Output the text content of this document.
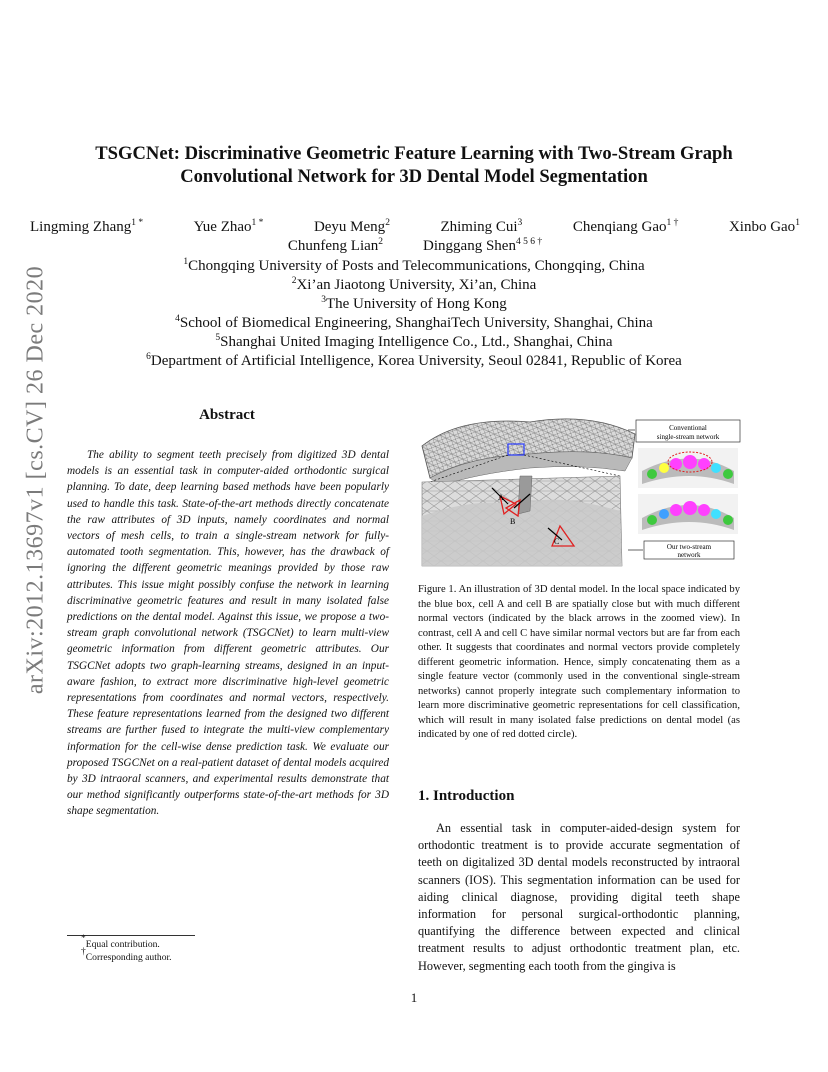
arXiv:2012.13697v1 [cs.CV] 26 Dec 2020
TSGCNet: Discriminative Geometric Feature Learning with Two-Stream Graph
Convolutional Network for 3D Dental Model Segmentation
Lingming Zhang$^{1 *}$	Yue Zhao$^{1 *}$	Deyu Meng$^2$	Zhiming Cui$^3$	Chenqiang Gao$^{1 \dagger}$	Xinbo Gao$^1$
Chunfeng Lian$^2$	Dinggang Shen$^{4 5 6 \dagger}$
$^1$Chongqing University of Posts and Telecommunications, Chongqing, China
$^2$Xi’an Jiaotong University, Xi’an, China
$^3$The University of Hong Kong
$^4$School of Biomedical Engineering, ShanghaiTech University, Shanghai, China
$^5$Shanghai United Imaging Intelligence Co., Ltd., Shanghai, China
$^6$Department of Artificial Intelligence, Korea University, Seoul 02841, Republic of Korea
Abstract

The ability to segment teeth precisely from digitized 3D dental models is an essential task in computer-aided orthodontic surgical planning. To date, deep learning based methods have been popularly used to handle this task. State-of-the-art methods directly concatenate the raw attributes of 3D inputs, namely coordinates and normal vectors of mesh cells, to train a single-stream network for fully-automated tooth segmentation. This, however, has the drawback of ignoring the different geometric meanings provided by those raw attributes. This issue might possibly confuse the network in learning discriminative geometric features and result in many isolated false predictions on the dental model. Against this issue, we propose a two-stream graph convolutional network (TSGCNet) to learn multi-view geometric information from different geometric attributes. Our TSGCNet adopts two graph-learning streams, designed in an input-aware fashion, to extract more discriminative high-level geometric representations from coordinates and normal vectors, respectively. These feature representations learned from the designed two different streams are further fused to integrate the multi-view complementary information for the cell-wise dense prediction task. We evaluate our proposed TSGCNet on a real-patient dataset of dental models acquired by 3D intraoral scanners, and experimental results demonstrate that our method significantly outperforms state-of-the-art methods for 3D shape segmentation.

*Equal contribution.
†Corresponding author.
A
B
C
Conventional
single-stream network
Our two-stream
network
Figure 1. An illustration of 3D dental model. In the local space indicated by the blue box, cell A and cell B are spatially close but with much different normal vectors (indicated by the black arrows in the zoomed view). In contrast, cell A and cell C have similar normal vectors but are far from each other. It suggests that coordinates and normal vectors provide completely different geometric information. Hence, simply concatenating them as a single feature vector (commonly used in the conventional single-stream networks) cannot properly integrate such complementary information to learn more discriminative geometric representations for cell classification, which will result in many isolated false predictions on dental model (as indicated by one of red dotted circle).
1. Introduction

An essential task in computer-aided-design system for orthodontic treatment is to provide accurate segmentation of teeth on digitalized 3D dental models reconstructed by intraoral scanners (IOS). This segmentation information can be used for aiding clinical diagnose, providing digital teeth shape information for personal surgical-orthodontic planning, quantifying the difference between expected and clinical treatment results to adjust orthodontic treatment plan, etc. However, segmenting each tooth from the gingiva is

1
